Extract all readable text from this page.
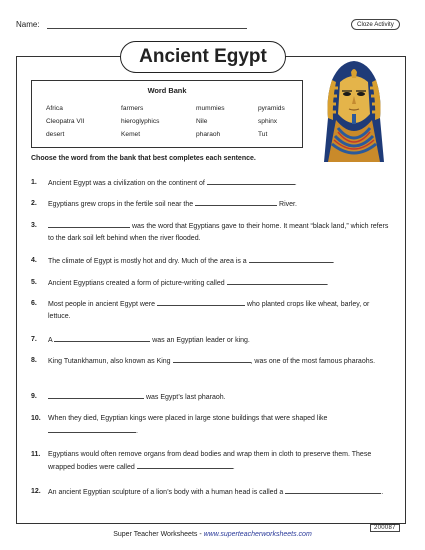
Name:	Cloze Activity
Ancient Egypt
Word Bank
Africa	farmers	mummies	pyramids
Cleopatra VII	hieroglyphics	Nile	sphinx
desert	Kemet	pharaoh	Tut
Choose the word from the bank that best completes each sentence.
1.	Ancient Egypt was a civilization on the continent of	.
2.	Egyptians grew crops in the fertile soil near the	River.
3.	was the word that Egyptians gave to their home. It meant “black land,” which refers to the dark soil left behind when the river flooded.
4.	The climate of Egypt is mostly hot and dry. Much of the area is a	.
5.	Ancient Egyptians created a form of picture-writing called	.
6.	Most people in ancient Egypt were	who planted crops like wheat, barley, or lettuce.
7.	A	was an Egyptian leader or king.
8.	King Tutankhamun, also known as King	, was one of the most famous pharaohs.
9.	was Egypt’s last pharaoh.
10.	When they died, Egyptian kings were placed in large stone buildings that were shaped like .
11.	Egyptians would often remove organs from dead bodies and wrap them in cloth to preserve them. These wrapped bodies were called	.
12.	An ancient Egyptian sculpture of a lion’s body with a human head is called a	.
200087
Super Teacher Worksheets - www.superteacherworksheets.com
